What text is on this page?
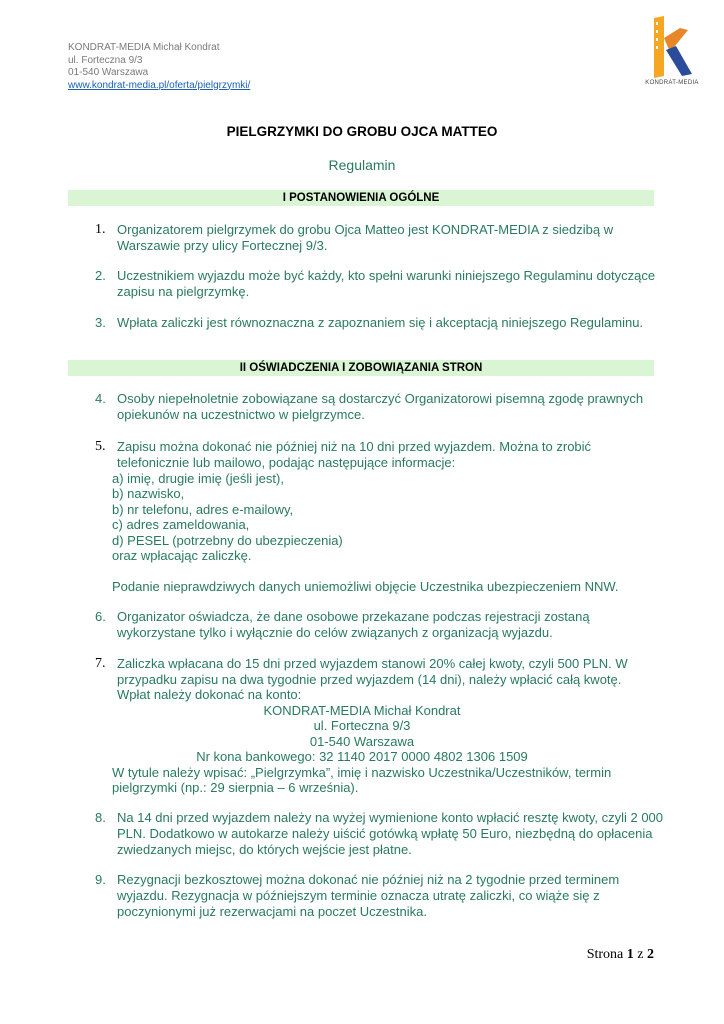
KONDRAT-MEDIA Michał Kondrat
ul. Forteczna 9/3
01-540 Warszawa
www.kondrat-media.pl/oferta/pielgrzymki/	KONDRAT-MEDIA
PIELGRZYMKI DO GROBU OJCA MATTEO
Regulamin
I POSTANOWIENIA OGÓLNE
1. Organizatorem pielgrzymek do grobu Ojca Matteo jest KONDRAT-MEDIA z siedzibą w Warszawie przy ulicy Fortecznej 9/3.
2. Uczestnikiem wyjazdu może być każdy, kto spełni warunki niniejszego Regulaminu dotyczące zapisu na pielgrzymkę.
3. Wpłata zaliczki jest równoznaczna z zapoznaniem się i akceptacją niniejszego Regulaminu.
II OŚWIADCZENIA I ZOBOWIĄZANIA STRON
4. Osoby niepełnoletnie zobowiązane są dostarczyć Organizatorowi pisemną zgodę prawnych opiekunów na uczestnictwo w pielgrzymce.
5. Zapisu można dokonać nie później niż na 10 dni przed wyjazdem. Można to zrobić
telefonicznie lub mailowo, podając następujące informacje:
a) imię, drugie imię (jeśli jest),
b) nazwisko,
b) nr telefonu, adres e-mailowy,
c) adres zameldowania,
d) PESEL (potrzebny do ubezpieczenia)
oraz wpłacając zaliczkę.
Podanie nieprawdziwych danych uniemożliwi objęcie Uczestnika ubezpieczeniem NNW.
6. Organizator oświadcza, że dane osobowe przekazane podczas rejestracji zostaną wykorzystane tylko i wyłącznie do celów związanych z organizacją wyjazdu.
7. Zaliczka wpłacana do 15 dni przed wyjazdem stanowi 20% całej kwoty, czyli 500 PLN. W
przypadku zapisu na dwa tygodnie przed wyjazdem (14 dni), należy wpłacić całą kwotę.
Wpłat należy dokonać na konto:
KONDRAT-MEDIA Michał Kondrat
ul. Forteczna 9/3
01-540 Warszawa
Nr kona bankowego: 32 1140 2017 0000 4802 1306 1509
W tytule należy wpisać: „Pielgrzymka”, imię i nazwisko Uczestnika/Uczestników, termin
pielgrzymki (np.: 29 sierpnia – 6 września).
8. Na 14 dni przed wyjazdem należy na wyżej wymienione konto wpłacić resztę kwoty, czyli 2 000 PLN. Dodatkowo w autokarze należy uiścić gotówką wpłatę 50 Euro, niezbędną do opłacenia zwiedzanych miejsc, do których wejście jest płatne.
9. Rezygnacji bezkosztowej można dokonać nie później niż na 2 tygodnie przed terminem wyjazdu. Rezygnacja w późniejszym terminie oznacza utratę zaliczki, co wiąże się z poczynionymi już rezerwacjami na poczet Uczestnika.
Strona 1 z 2
